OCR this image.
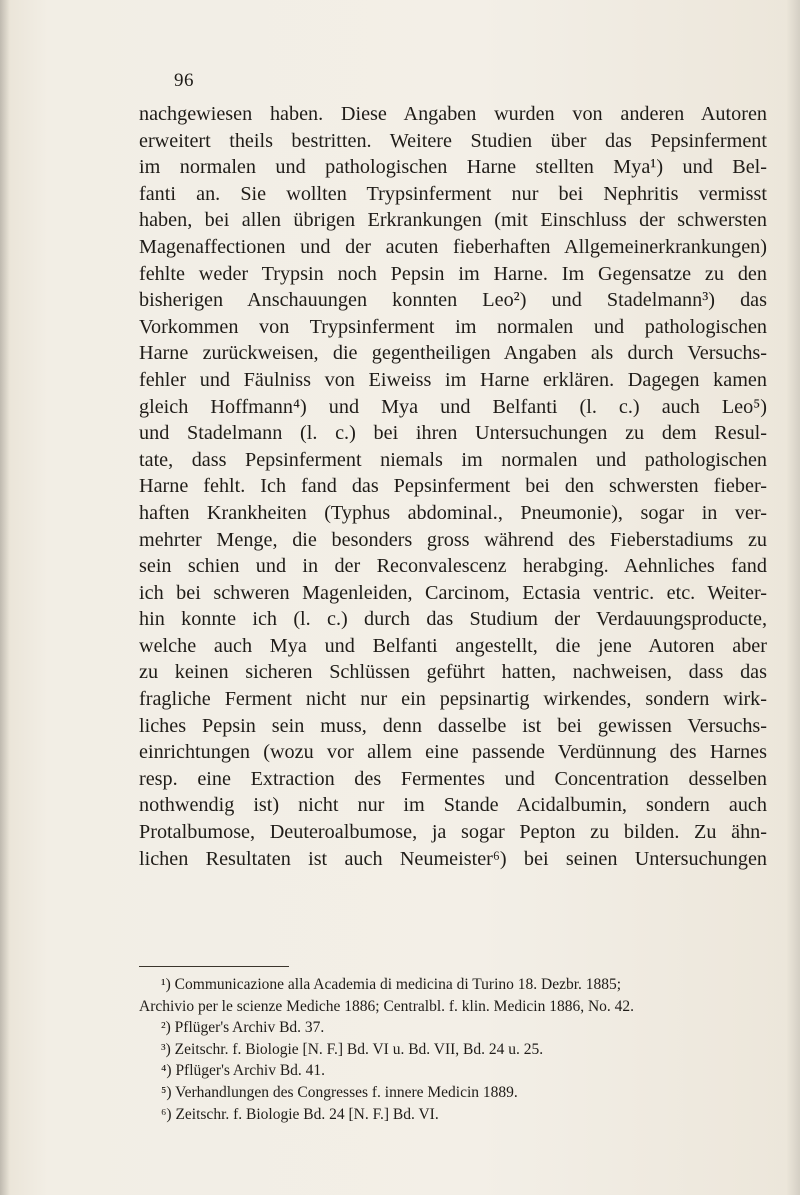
96
nachgewiesen haben. Diese Angaben wurden von anderen Autoren
erweitert theils bestritten. Weitere Studien über das Pepsinferment
im normalen und pathologischen Harne stellten Mya¹) und Bel-
fanti an. Sie wollten Trypsinferment nur bei Nephritis vermisst
haben, bei allen übrigen Erkrankungen (mit Einschluss der schwersten
Magenaffectionen und der acuten fieberhaften Allgemeinerkrankungen)
fehlte weder Trypsin noch Pepsin im Harne. Im Gegensatze zu den
bisherigen Anschauungen konnten Leo²) und Stadelmann³) das
Vorkommen von Trypsinferment im normalen und pathologischen
Harne zurückweisen, die gegentheiligen Angaben als durch Versuchs-
fehler und Fäulniss von Eiweiss im Harne erklären. Dagegen kamen
gleich Hoffmann⁴) und Mya und Belfanti (l. c.) auch Leo⁵)
und Stadelmann (l. c.) bei ihren Untersuchungen zu dem Resul-
tate, dass Pepsinferment niemals im normalen und pathologischen
Harne fehlt. Ich fand das Pepsinferment bei den schwersten fieber-
haften Krankheiten (Typhus abdominal., Pneumonie), sogar in ver-
mehrter Menge, die besonders gross während des Fieberstadiums zu
sein schien und in der Reconvalescenz herabging. Aehnliches fand
ich bei schweren Magenleiden, Carcinom, Ectasia ventric. etc. Weiter-
hin konnte ich (l. c.) durch das Studium der Verdauungsproducte,
welche auch Mya und Belfanti angestellt, die jene Autoren aber
zu keinen sicheren Schlüssen geführt hatten, nachweisen, dass das
fragliche Ferment nicht nur ein pepsinartig wirkendes, sondern wirk-
liches Pepsin sein muss, denn dasselbe ist bei gewissen Versuchs-
einrichtungen (wozu vor allem eine passende Verdünnung des Harnes
resp. eine Extraction des Fermentes und Concentration desselben
nothwendig ist) nicht nur im Stande Acidalbumin, sondern auch
Protalbumose, Deuteroalbumose, ja sogar Pepton zu bilden. Zu ähn-
lichen Resultaten ist auch Neumeister⁶) bei seinen Untersuchungen
¹) Communicazione alla Academia di medicina di Turino 18. Dezbr. 1885;
Archivio per le scienze Mediche 1886; Centralbl. f. klin. Medicin 1886, No. 42.
²) Pflüger's Archiv Bd. 37.
³) Zeitschr. f. Biologie [N. F.] Bd. VI u. Bd. VII, Bd. 24 u. 25.
⁴) Pflüger's Archiv Bd. 41.
⁵) Verhandlungen des Congresses f. innere Medicin 1889.
⁶) Zeitschr. f. Biologie Bd. 24 [N. F.] Bd. VI.
